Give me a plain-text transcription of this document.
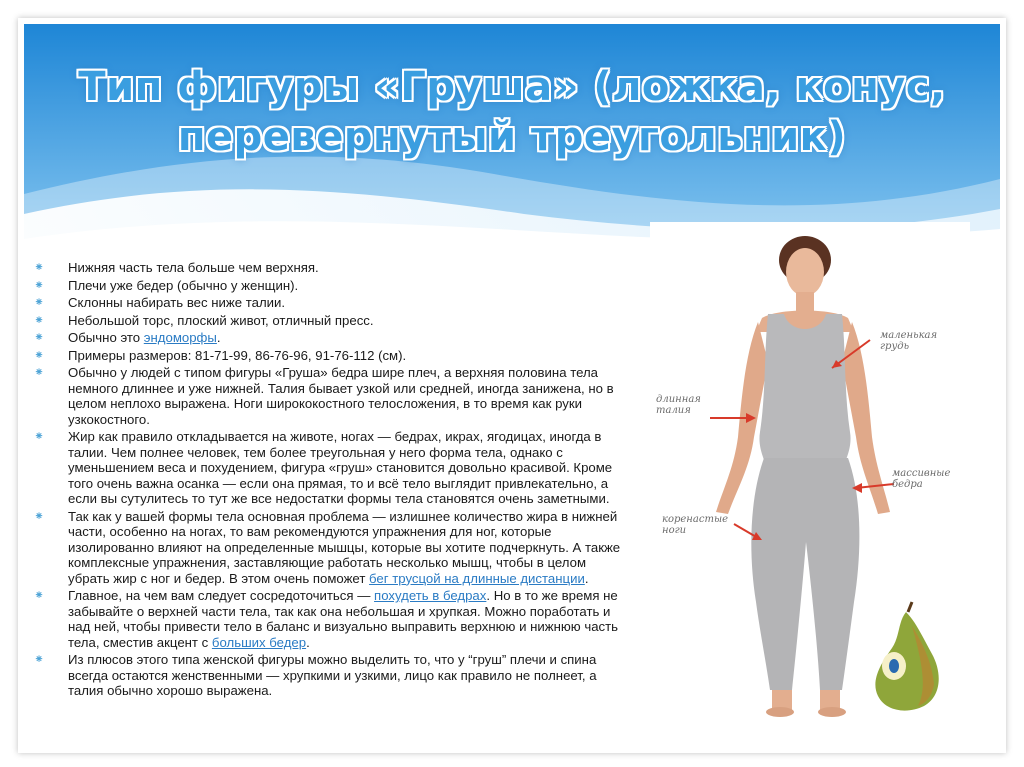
Тип фигуры «Груша» (ложка, конус, перевернутый треугольник)
⁕ Нижняя часть тела больше чем верхняя.
⁕ Плечи уже бедер (обычно у женщин).
⁕ Склонны набирать вес ниже талии.
⁕ Небольшой торс, плоский живот, отличный пресс.
⁕ Обычно это эндоморфы.
⁕ Примеры размеров: 81-71-99, 86-76-96, 91-76-112 (см).
⁕ Обычно у людей с типом фигуры «Груша» бедра шире плеч, а верхняя половина тела немного длиннее и уже нижней. Талия бывает узкой или средней, иногда занижена, но в целом неплохо выражена. Ноги ширококостного телосложения, в то время как руки узкокостного.
⁕ Жир как правило откладывается на животе, ногах — бедрах, икрах, ягодицах, иногда в талии. Чем полнее человек, тем более треугольная у него форма тела, однако с уменьшением веса и похудением, фигура «груш» становится довольно красивой. Кроме того очень важна осанка — если она прямая, то и всё тело выглядит привлекательно, а если вы сутулитесь то тут же все недостатки формы тела становятся очень заметными.
⁕ Так как у вашей формы тела основная проблема — излишнее количество жира в нижней части, особенно на ногах, то вам рекомендуются упражнения для ног, которые изолированно влияют на определенные мышцы, которые вы хотите подчеркнуть. А также комплексные упражнения, заставляющие работать несколько мышц, чтобы в целом убрать жир с ног и бедер. В этом очень поможет бег трусцой на длинные дистанции.
⁕ Главное, на чем вам следует сосредоточиться — похудеть в бедрах. Но в то же время не забывайте о верхней части тела, так как она небольшая и хрупкая. Можно поработать и над ней, чтобы привести тело в баланс и визуально выправить верхнюю и нижнюю часть тела, сместив акцент с больших бедер.
⁕ Из плюсов этого типа женской фигуры можно выделить то, что у “груш” плечи и спина всегда остаются женственными — хрупкими и узкими, лицо как правило не полнеет, а талия обычно хорошо выражена.
маленькая
грудь
длинная
талия
массивные
бедра
коренастые
ноги
